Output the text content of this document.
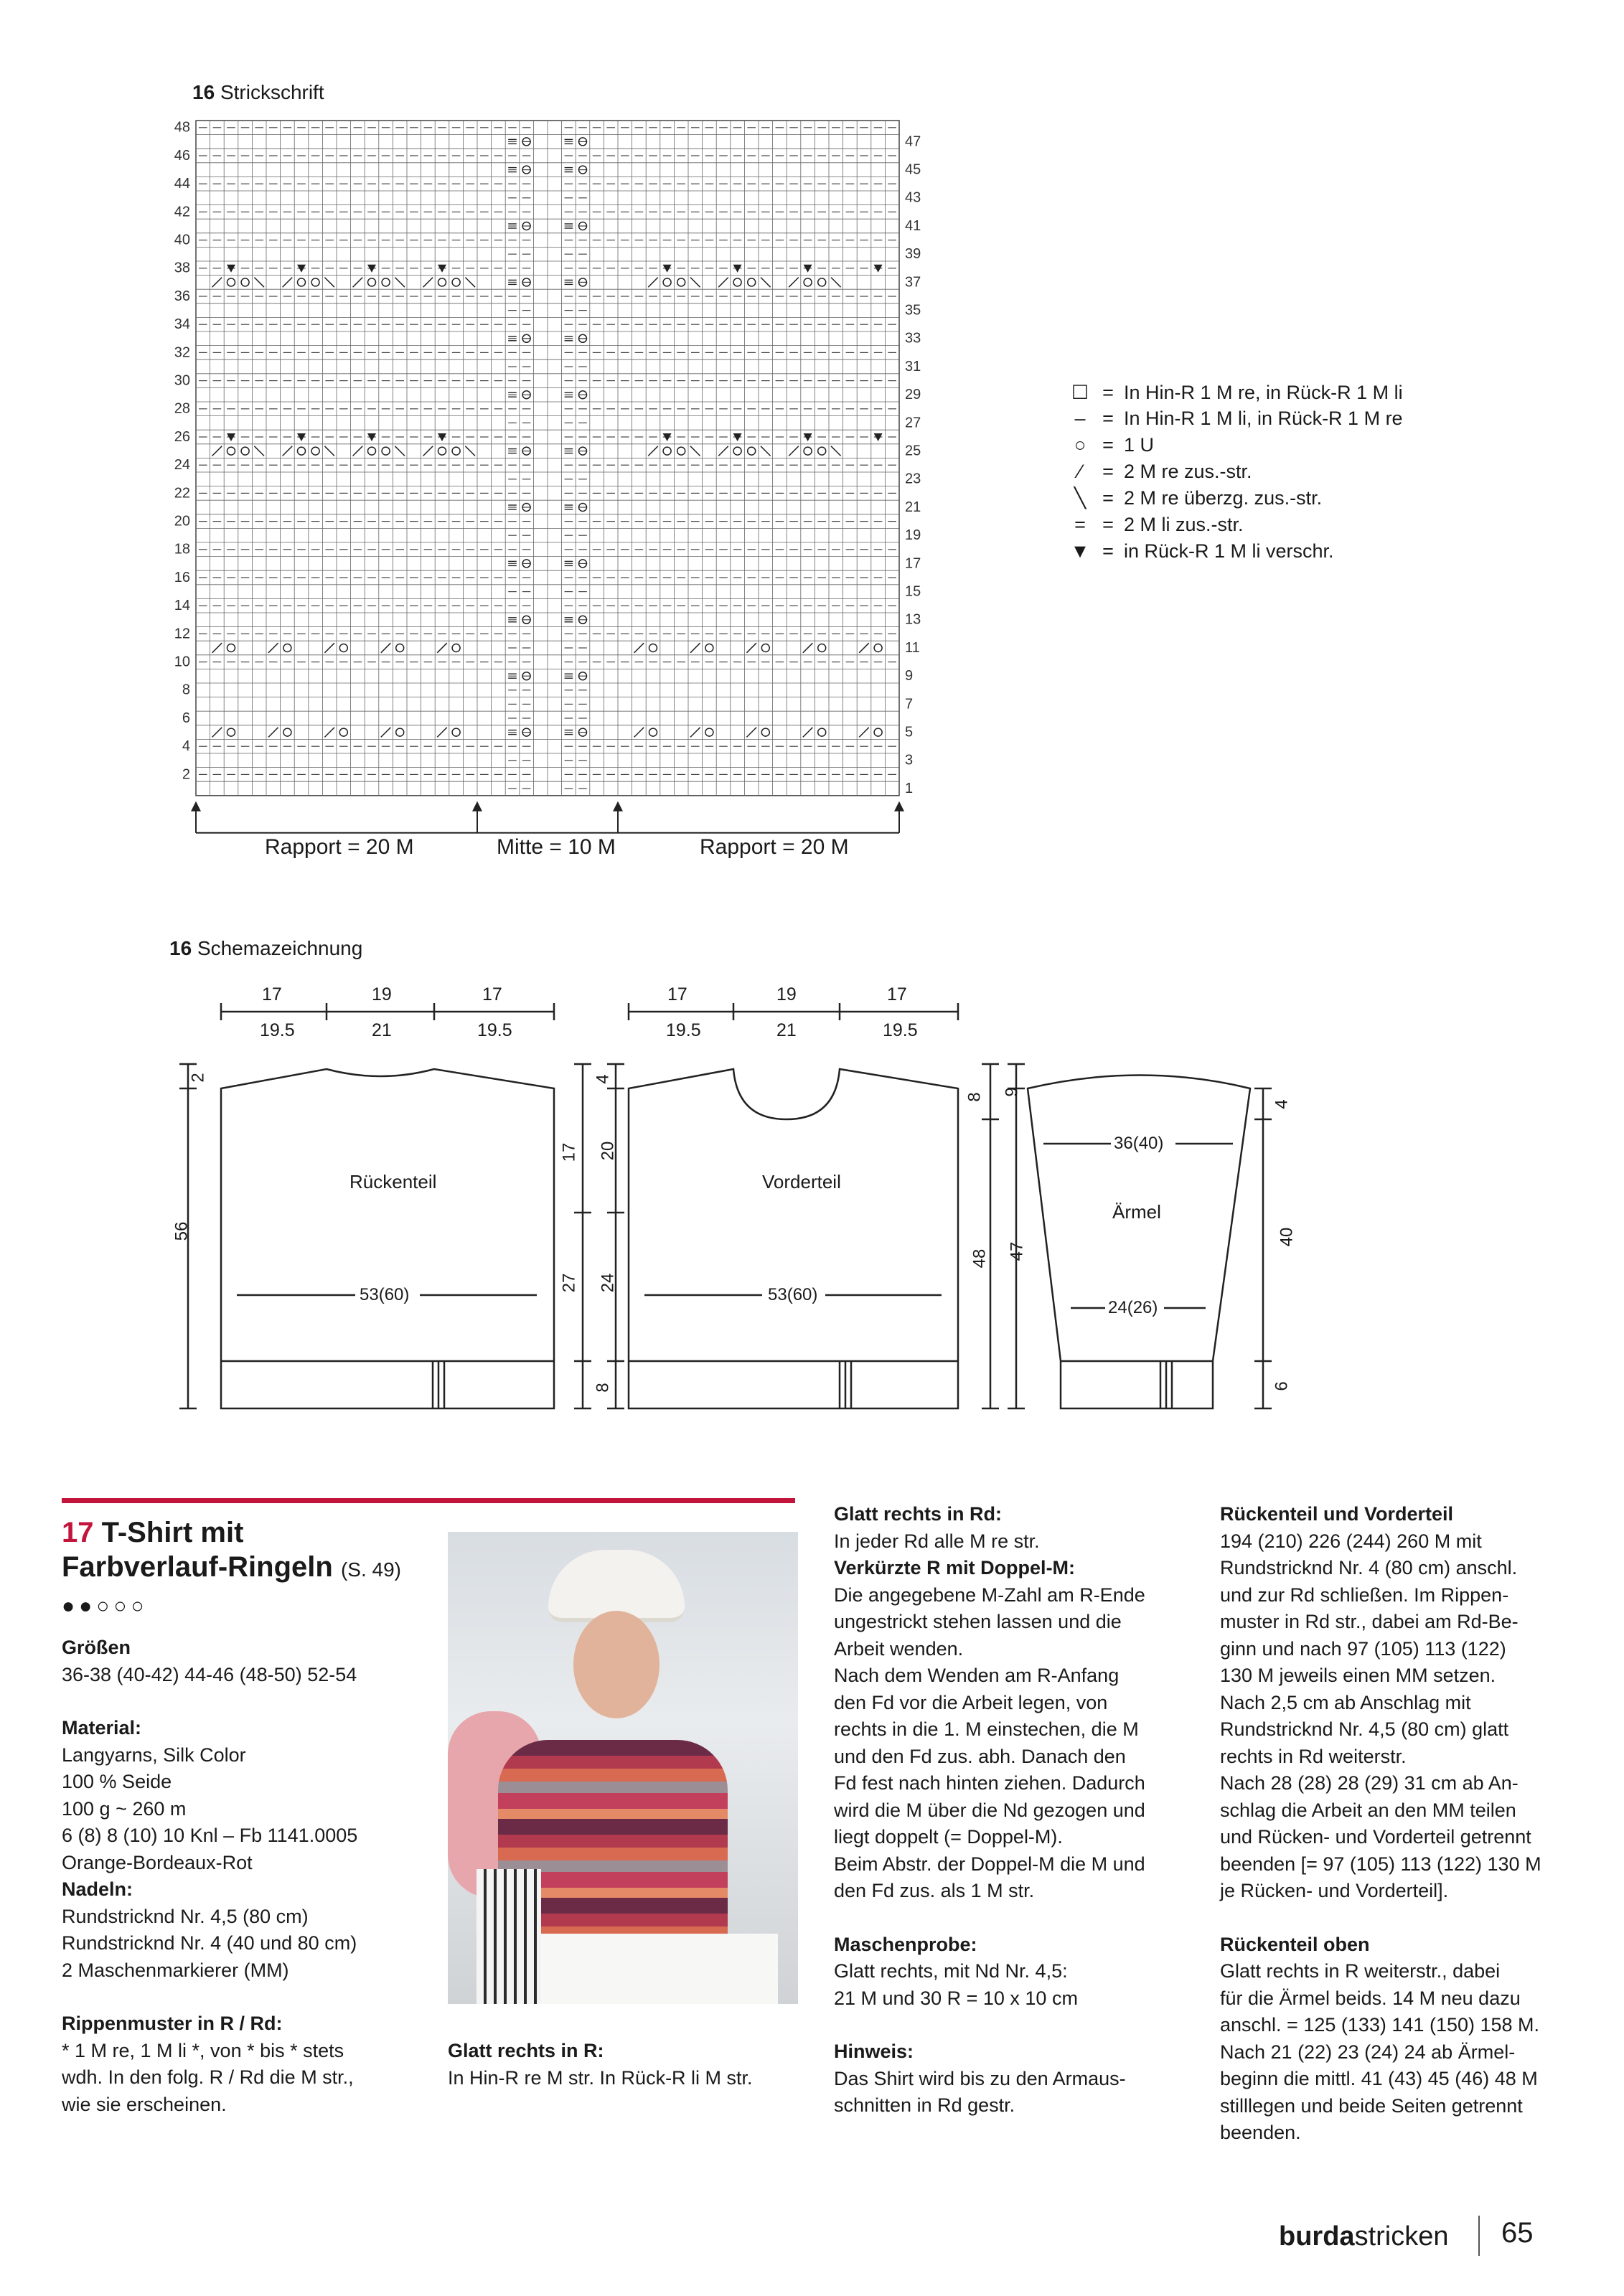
16 Strickschrift
48
46
44
42
40
38
36
34
32
30
28
26
24
22
20
18
16
14
12
10
8
6
4
2
47
45
43
41
39
37
35
33
31
29
27
25
23
21
19
17
15
13
11
9
7
5
3
1
Rapport = 20 M	Mitte = 10 M	Rapport = 20 M
☐ = In Hin-R 1 M re, in Rück-R 1 M li
– = In Hin-R 1 M li, in Rück-R 1 M re
○ = 1 U
⁄	= 2 M re zus.-str.
╲ = 2 M re überzg. zus.-str.
= = 2 M li zus.-str.
▼ = in Rück-R 1 M li verschr.
16 Schemazeichnung
17	19	17
19.5	21	19.5
17	19	17
19.5	21	19.5
Rückenteil	Vorderteil
Ärmel
53(60)	53(60)
36(40)
24(26)
2
56
17
27
4
20
24
8
8
48
9
47
4
40
6
17 T-Shirt mit
Farbverlauf-Ringeln (S. 49)
●●○○○

Größen

36-38 (40-42) 44-46 (48-50) 52-54

Material:

Langyarns, Silk Color

100 % Seide

100 g ~ 260 m

6 (8) 8 (10) 10 Knl – Fb 1141.0005

Orange-Bordeaux-Rot

Nadeln:

Rundstricknd Nr. 4,5 (80 cm)

Rundstricknd Nr. 4 (40 und 80 cm)

2 Maschenmarkierer (MM)

Rippenmuster in R / Rd:

* 1 M re, 1 M li *, von * bis * stets

wdh. In den folg. R / Rd die M str.,

wie sie erscheinen.

Glatt rechts in R:

In Hin-R re M str. In Rück-R li M str.

Glatt rechts in Rd:

In jeder Rd alle M re str.

Verkürzte R mit Doppel-M:

Die angegebene M-Zahl am R-Ende

ungestrickt stehen lassen und die

Arbeit wenden.

Nach dem Wenden am R-Anfang

den Fd vor die Arbeit legen, von

rechts in die 1. M einstechen, die M

und den Fd zus. abh. Danach den

Fd fest nach hinten ziehen. Dadurch

wird die M über die Nd gezogen und

liegt doppelt (= Doppel-M).

Beim Abstr. der Doppel-M die M und

den Fd zus. als 1 M str.

Maschenprobe:

Glatt rechts, mit Nd Nr. 4,5:

21 M und 30 R = 10 x 10 cm

Hinweis:

Das Shirt wird bis zu den Armaus-

schnitten in Rd gestr.

Rückenteil und Vorderteil

194 (210) 226 (244) 260 M mit

Rundstricknd Nr. 4 (80 cm) anschl.

und zur Rd schließen. Im Rippen-

muster in Rd str., dabei am Rd-Be-

ginn und nach 97 (105) 113 (122)

130 M jeweils einen MM setzen.

Nach 2,5 cm ab Anschlag mit

Rundstricknd Nr. 4,5 (80 cm) glatt

rechts in Rd weiterstr.

Nach 28 (28) 28 (29) 31 cm ab An-

schlag die Arbeit an den MM teilen

und Rücken- und Vorderteil getrennt

beenden [= 97 (105) 113 (122) 130 M

je Rücken- und Vorderteil].

Rückenteil oben

Glatt rechts in R weiterstr., dabei

für die Ärmel beids. 14 M neu dazu

anschl. = 125 (133) 141 (150) 158 M.

Nach 21 (22) 23 (24) 24 ab Ärmel-

beginn die mittl. 41 (43) 45 (46) 48 M

stilllegen und beide Seiten getrennt

beenden.

burdastricken 65
